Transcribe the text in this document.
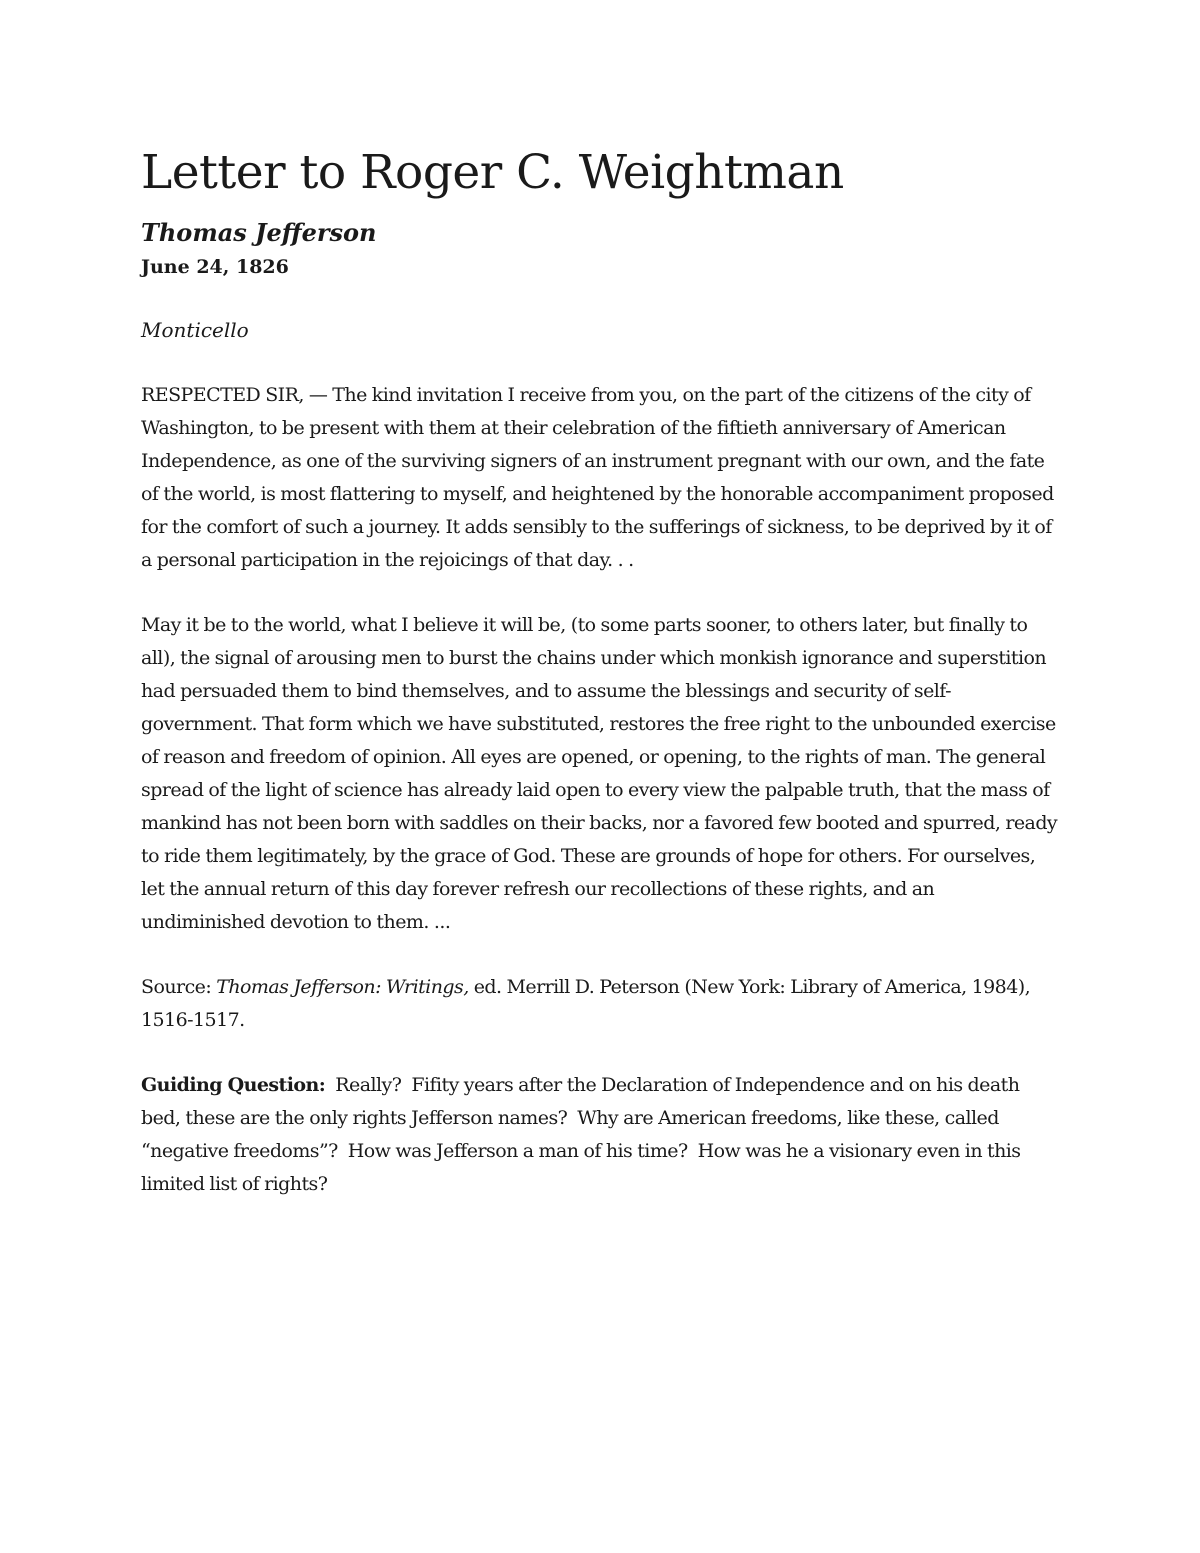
Letter to Roger C. Weightman
Thomas Jefferson
June 24, 1826
Monticello

RESPECTED SIR, — The kind invitation I receive from you, on the part of the citizens of the city of Washington, to be present with them at their celebration of the fiftieth anniversary of American Independence, as one of the surviving signers of an instrument pregnant with our own, and the fate of the world, is most flattering to myself, and heightened by the honorable accompaniment proposed for the comfort of such a journey. It adds sensibly to the sufferings of sickness, to be deprived by it of a personal participation in the rejoicings of that day. . .

May it be to the world, what I believe it will be, (to some parts sooner, to others later, but finally to all), the signal of arousing men to burst the chains under which monkish ignorance and superstition had persuaded them to bind themselves, and to assume the blessings and security of self-government. That form which we have substituted, restores the free right to the unbounded exercise of reason and freedom of opinion. All eyes are opened, or opening, to the rights of man. The general spread of the light of science has already laid open to every view the palpable truth, that the mass of mankind has not been born with saddles on their backs, nor a favored few booted and spurred, ready to ride them legitimately, by the grace of God. These are grounds of hope for others. For ourselves, let the annual return of this day forever refresh our recollections of these rights, and an undiminished devotion to them. ...

Source: Thomas Jefferson: Writings, ed. Merrill D. Peterson (New York: Library of America, 1984), 1516-1517.

Guiding Question:  Really?  Fifity years after the Declaration of Independence and on his death bed, these are the only rights Jefferson names?  Why are American freedoms, like these, called “negative freedoms”?  How was Jefferson a man of his time?  How was he a visionary even in this limited list of rights?
